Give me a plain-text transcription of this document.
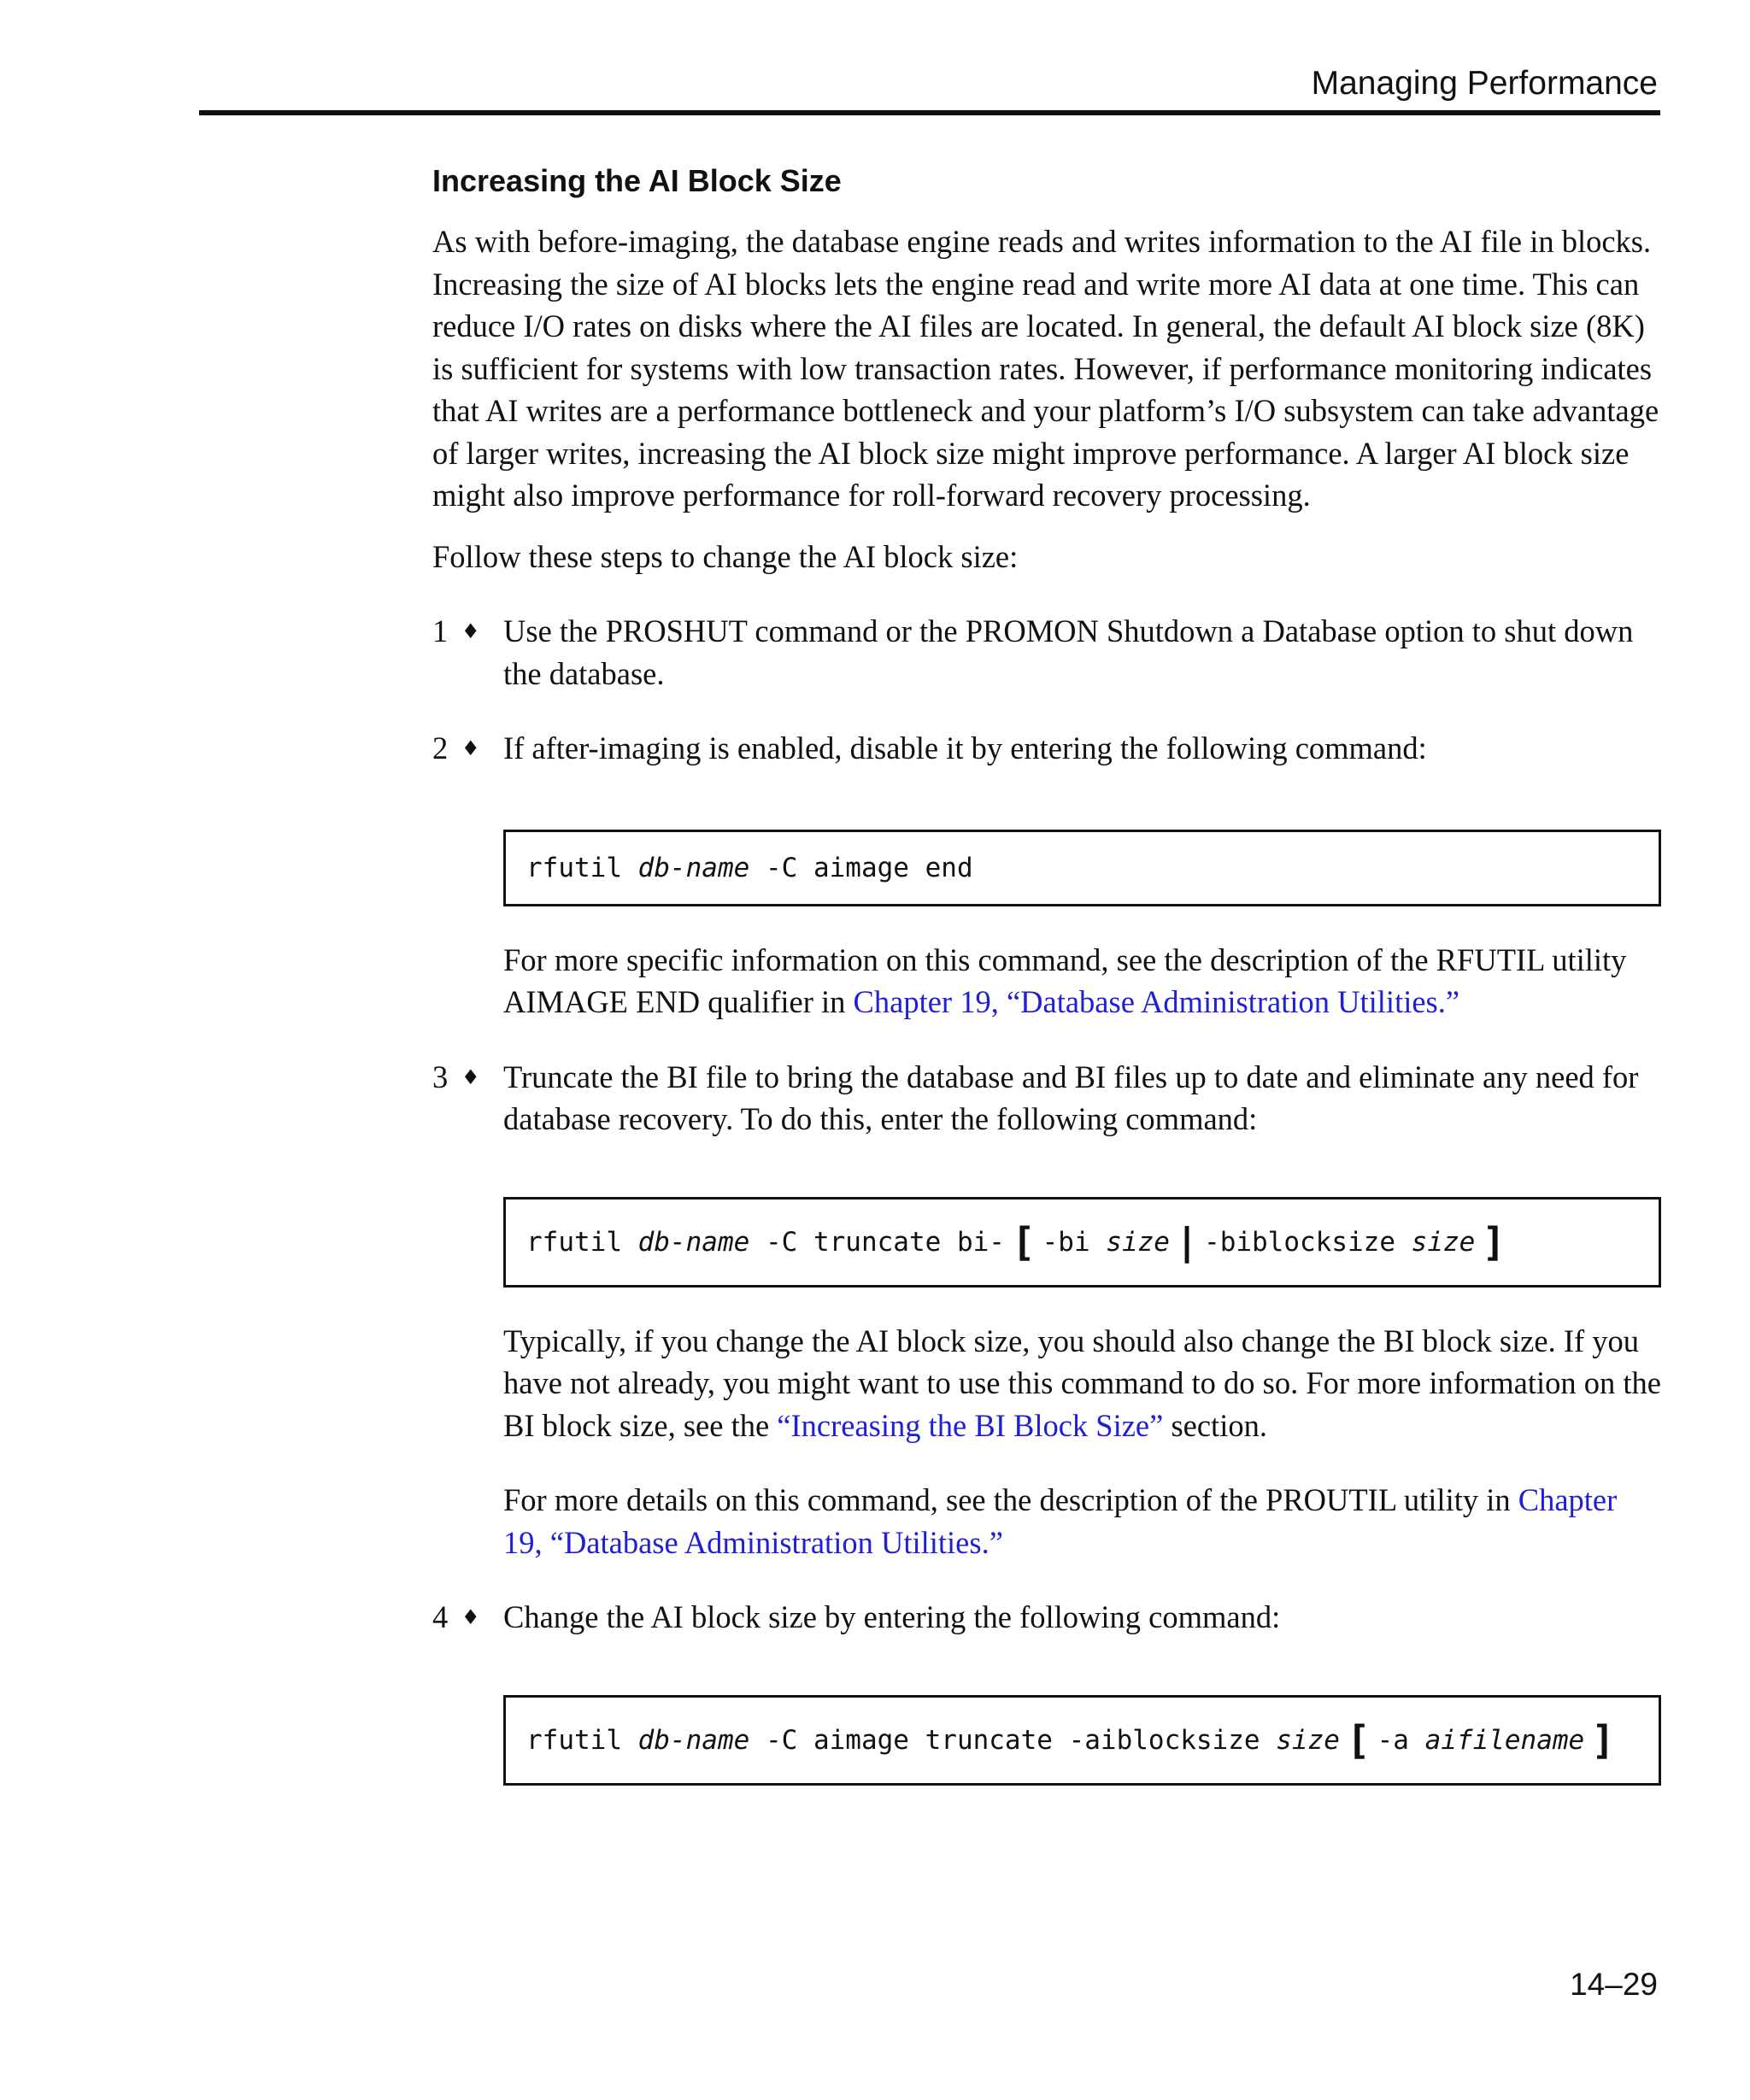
Managing Performance
Increasing the AI Block Size

As with before-imaging, the database engine reads and writes information to the AI file in blocks. Increasing the size of AI blocks lets the engine read and write more AI data at one time. This can reduce I/O rates on disks where the AI files are located. In general, the default AI block size (8K) is sufficient for systems with low transaction rates. However, if performance monitoring indicates that AI writes are a performance bottleneck and your platform’s I/O subsystem can take advantage of larger writes, increasing the AI block size might improve performance. A larger AI block size might also improve performance for roll-forward recovery processing.

Follow these steps to change the AI block size:

1 ♦ Use the PROSHUT command or the PROMON Shutdown a Database option to shut down the database.

2 ♦ If after-imaging is enabled, disable it by entering the following command:

rfutil db-name -C aimage end

For more specific information on this command, see the description of the RFUTIL utility AIMAGE END qualifier in Chapter 19, “Database Administration Utilities.”

3 ♦ Truncate the BI file to bring the database and BI files up to date and eliminate any need for database recovery. To do this, enter the following command:

rfutil db-name -C truncate bi- [ -bi size | -biblocksize size ]

Typically, if you change the AI block size, you should also change the BI block size. If you have not already, you might want to use this command to do so. For more information on the BI block size, see the “Increasing the BI Block Size” section.

For more details on this command, see the description of the PROUTIL utility in Chapter 19, “Database Administration Utilities.”

4 ♦ Change the AI block size by entering the following command:

rfutil db-name -C aimage truncate -aiblocksize size [ -a aifilename ]
14–29
